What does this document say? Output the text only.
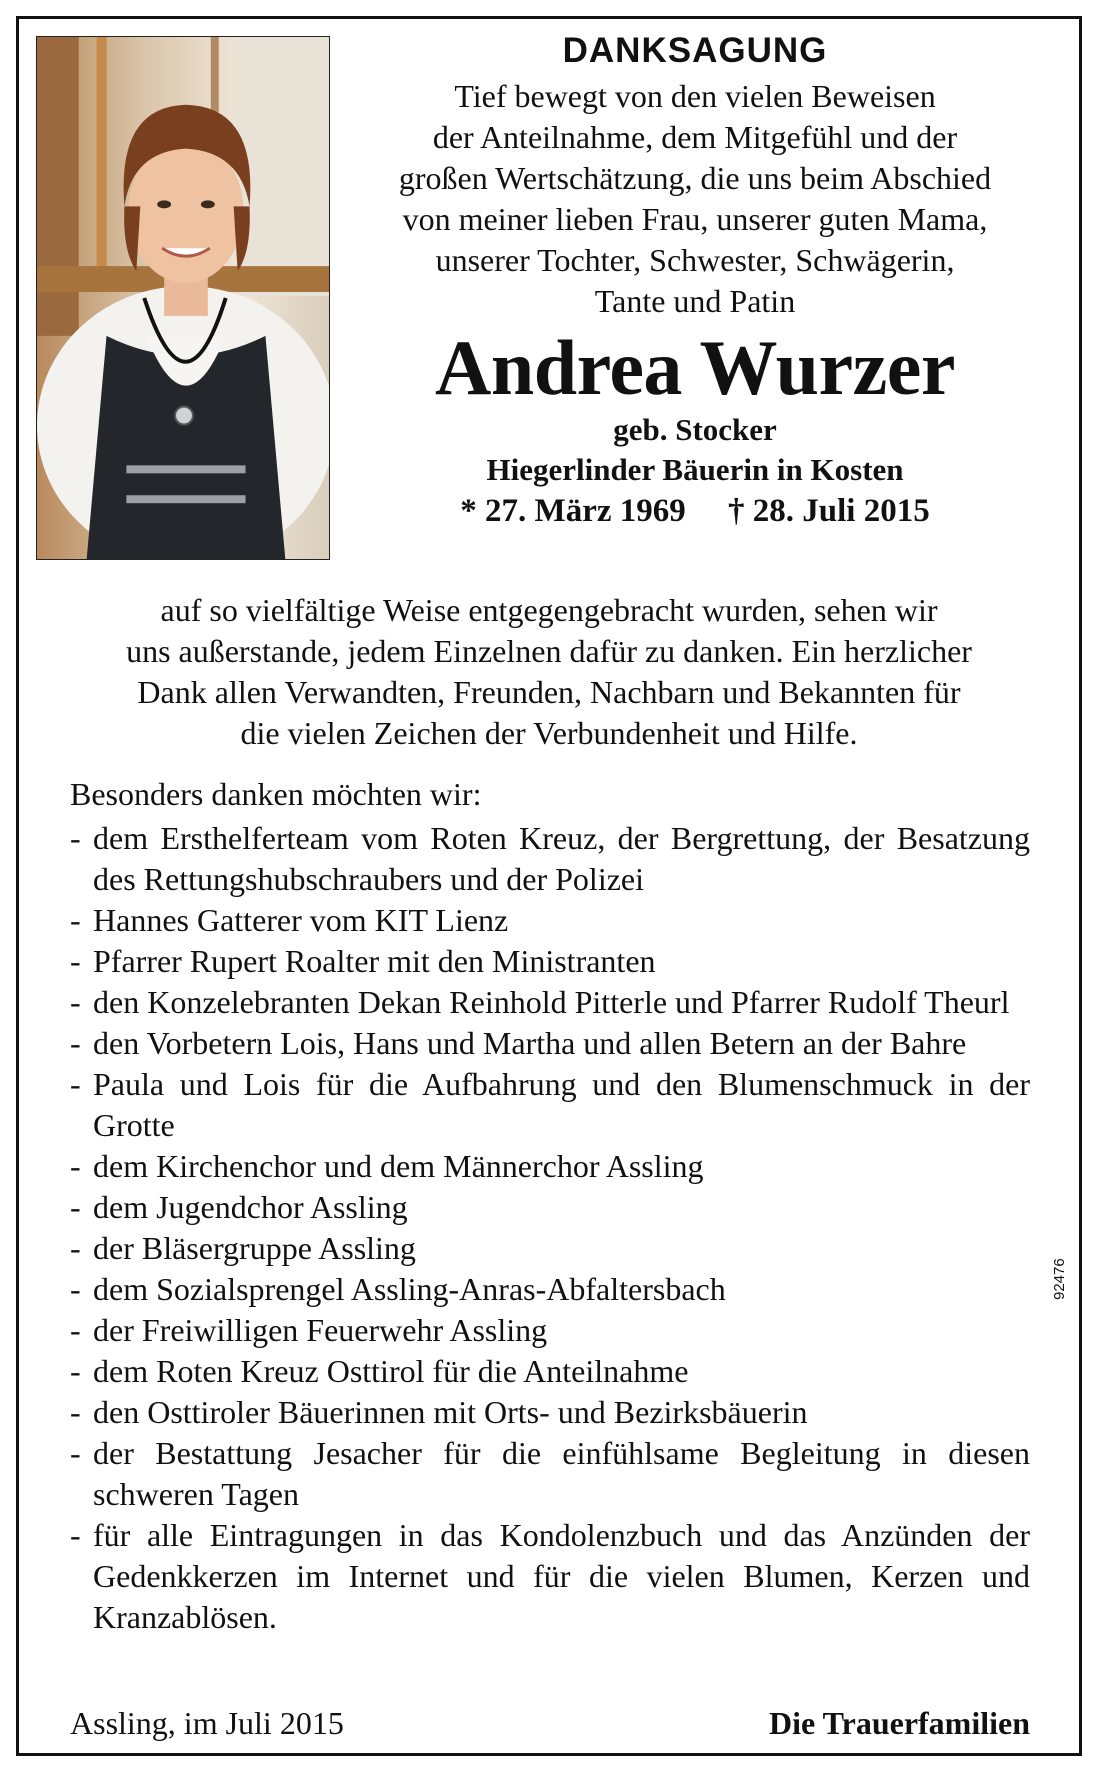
DANKSAGUNG

Tief bewegt von den vielen Beweisen

der Anteilnahme, dem Mitgefühl und der

großen Wertschätzung, die uns beim Abschied

von meiner lieben Frau, unserer guten Mama,

unserer Tochter, Schwester, Schwägerin,

Tante und Patin

Andrea Wurzer

geb. Stocker

Hiegerlinder Bäuerin in Kosten

* 27. März 1969 † 28. Juli 2015

auf so vielfältige Weise entgegengebracht wurden, sehen wir

uns außerstande, jedem Einzelnen dafür zu danken. Ein herzlicher

Dank allen Verwandten, Freunden, Nachbarn und Bekannten für

die vielen Zeichen der Verbundenheit und Hilfe.

Besonders danken möchten wir:

- dem Ersthelferteam vom Roten Kreuz, der Bergrettung, der Besatzung des Rettungshubschraubers und der Polizei
- Hannes Gatterer vom KIT Lienz
- Pfarrer Rupert Roalter mit den Ministranten
- den Konzelebranten Dekan Reinhold Pitterle und Pfarrer Rudolf Theurl
- den Vorbetern Lois, Hans und Martha und allen Betern an der Bahre
- Paula und Lois für die Aufbahrung und den Blumenschmuck in der Grotte
- dem Kirchenchor und dem Männerchor Assling
- dem Jugendchor Assling
- der Bläsergruppe Assling
- dem Sozialsprengel Assling-Anras-Abfaltersbach
- der Freiwilligen Feuerwehr Assling
- dem Roten Kreuz Osttirol für die Anteilnahme
- den Osttiroler Bäuerinnen mit Orts- und Bezirksbäuerin
- der Bestattung Jesacher für die einfühlsame Begleitung in diesen schweren Tagen
- für alle Eintragungen in das Kondolenzbuch und das Anzünden der Gedenkkerzen im Internet und für die vielen Blumen, Kerzen und Kranzablösen.
Assling, im Juli 2015	Die Trauerfamilien
92476
